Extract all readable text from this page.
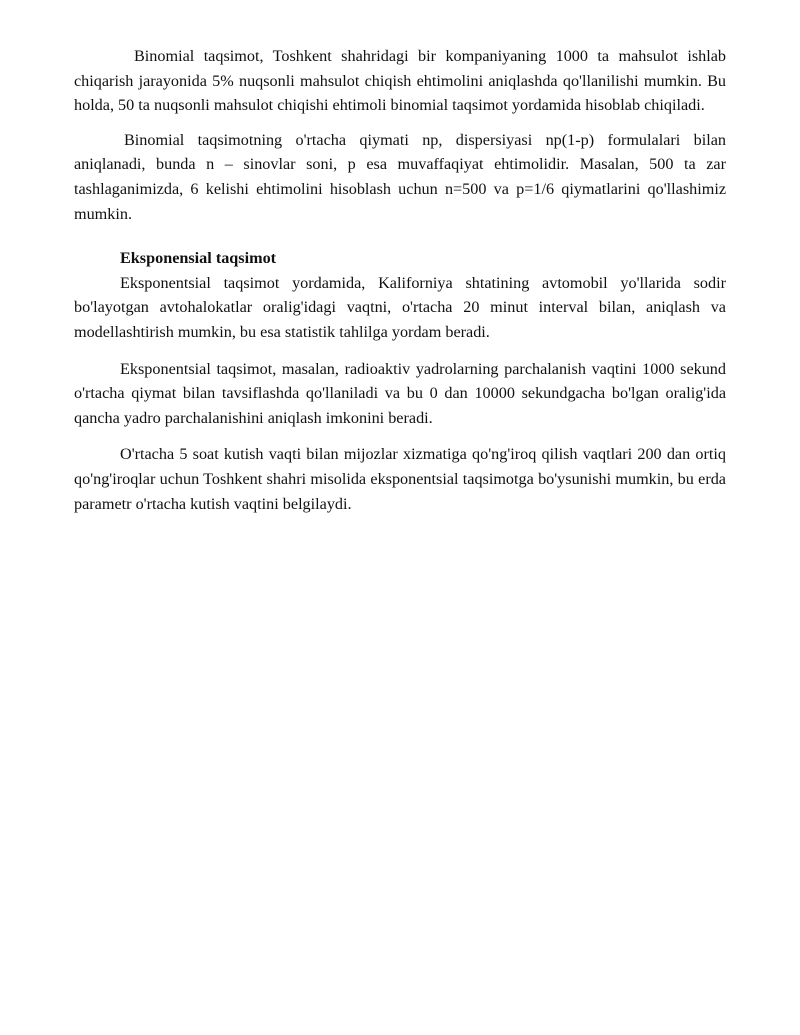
Binomial taqsimot, Toshkent shahridagi bir kompaniyaning 1000 ta mahsulot ishlab chiqarish jarayonida 5% nuqsonli mahsulot chiqish ehtimolini aniqlashda qo'llanilishi mumkin. Bu holda, 50 ta nuqsonli mahsulot chiqishi ehtimoli binomial taqsimot yordamida hisoblab chiqiladi.

Binomial taqsimotning o'rtacha qiymati np, dispersiyasi np(1-p) formulalari bilan aniqlanadi, bunda n – sinovlar soni, p esa muvaffaqiyat ehtimolidir. Masalan, 500 ta zar tashlaganimizda, 6 kelishi ehtimolini hisoblash uchun n=500 va p=1/6 qiymatlarini qo'llashimiz mumkin.

Eksponensial taqsimot

Eksponentsial taqsimot yordamida, Kaliforniya shtatining avtomobil yo'llarida sodir bo'layotgan avtohalokatlar oralig'idagi vaqtni, o'rtacha 20 minut interval bilan, aniqlash va modellashtirish mumkin, bu esa statistik tahlilga yordam beradi.

Eksponentsial taqsimot, masalan, radioaktiv yadrolarning parchalanish vaqtini 1000 sekund o'rtacha qiymat bilan tavsiflashda qo'llaniladi va bu 0 dan 10000 sekundgacha bo'lgan oralig'ida qancha yadro parchalanishini aniqlash imkonini beradi.

O'rtacha 5 soat kutish vaqti bilan mijozlar xizmatiga qo'ng'iroq qilish vaqtlari 200 dan ortiq qo'ng'iroqlar uchun Toshkent shahri misolida eksponentsial taqsimotga bo'ysunishi mumkin, bu erda parametr o'rtacha kutish vaqtini belgilaydi.
